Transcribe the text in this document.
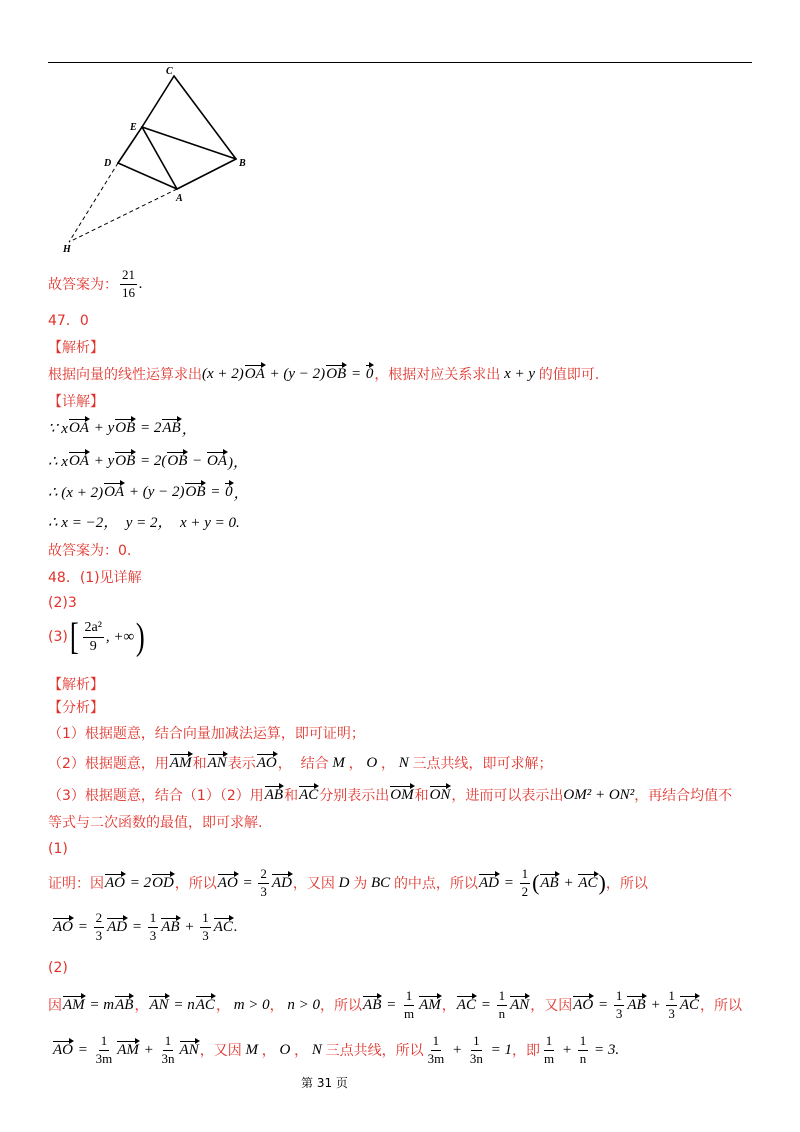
C
E
D	B
A
H
故答案为： $\frac{21}{16}$ .
47．0
【解析】
根据向量的线性运算求出 (x + 2) OA + (y − 2) OB = 0 ，根据对应关系求出 x + y 的值即可.
【详解】
∵ x OA + y OB = 2 AB ，
∴ x OA + y OB = 2( OB − OA )，
∴ (x + 2) OA + (y − 2) OB = 0 ，
∴ x = −2，  y = 2，  x + y = 0.
故答案为：0.
48．(1)见详解
(2)3
(3) [ $\frac{\text{2a²}}{9}$ , +∞ )
【解析】
【分析】
（1）根据题意，结合向量加减法运算，即可证明；
（2）根据题意，用 AM 和 AN 表示 AO ，  结合 M ， O ， N 三点共线，即可求解；
（3）根据题意，结合（1）（2）用 AB 和 AC 分别表示出 OM 和 ON ，进而可以表示出 OM² + ON² ，再结合均值不
等式与二次函数的最值，即可求解.
(1)
证明：因 AO = 2 OD ，所以 AO = $\frac{2}{3}$ AD ，又因 D 为 BC 的中点，所以 AD = $\frac{1}{2}$ ( AB + AC ) ，所以
AO = $\frac{2}{3}$ AD = $\frac{1}{3}$ AB + $\frac{1}{3}$ AC .
(2)
因 AM = m AB ， AN = n AC ， m > 0 ， n > 0 ，所以 AB = $\frac{1}{m}$ AM ， AC = $\frac{1}{n}$ AN ，又因 AO = $\frac{1}{3}$ AB + $\frac{1}{3}$ AC ，所以
AO = $\frac{1}{3m}$ AM + $\frac{1}{3n}$ AN ，又因 M ， O ， N 三点共线，所以 $\frac{1}{3m} + \frac{1}{3n} = 1$ ，即 $\frac{1}{m} + \frac{1}{n} = 3$.
第 31 页
